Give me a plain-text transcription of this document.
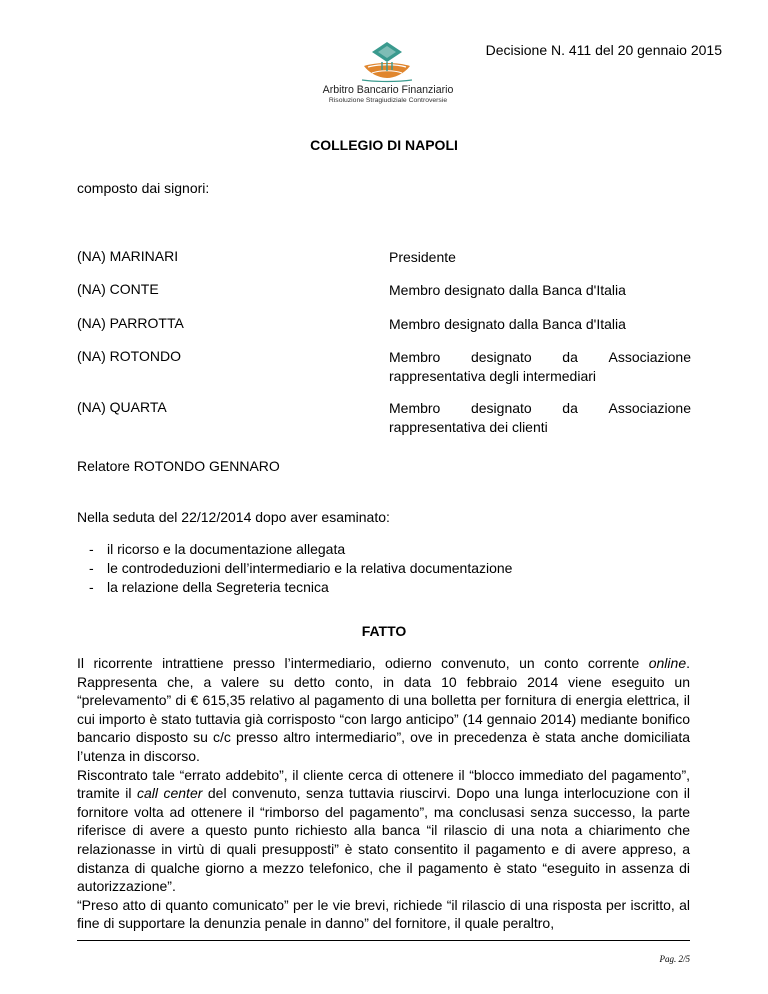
Arbitro Bancario Finanziario
Risoluzione Stragiudiziale Controversie
Decisione N. 411 del 20 gennaio 2015
COLLEGIO DI NAPOLI
composto dai signori:
(NA) MARINARI	Presidente
(NA) CONTE	Membro designato dalla Banca d'Italia
(NA) PARROTTA	Membro designato dalla Banca d'Italia
(NA) ROTONDO	Membro designato da Associazione
rappresentativa degli intermediari
(NA) QUARTA	Membro designato da Associazione
rappresentativa dei clienti
Relatore ROTONDO GENNARO
Nella seduta del 22/12/2014 dopo aver esaminato:
- il ricorso e la documentazione allegata
- le controdeduzioni dell’intermediario e la relativa documentazione
- la relazione della Segreteria tecnica
FATTO

Il ricorrente intrattiene presso l’intermediario, odierno convenuto, un conto corrente online. Rappresenta che, a valere su detto conto, in data 10 febbraio 2014 viene eseguito un “prelevamento” di € 615,35 relativo al pagamento di una bolletta per fornitura di energia elettrica, il cui importo è stato tuttavia già corrisposto “con largo anticipo” (14 gennaio 2014) mediante bonifico bancario disposto su c/c presso altro intermediario”, ove in precedenza è stata anche domiciliata l’utenza in discorso.

Riscontrato tale “errato addebito”, il cliente cerca di ottenere il “blocco immediato del pagamento”, tramite il call center del convenuto, senza tuttavia riuscirvi. Dopo una lunga interlocuzione con il fornitore volta ad ottenere il “rimborso del pagamento”, ma conclusasi senza successo, la parte riferisce di avere a questo punto richiesto alla banca “il rilascio di una nota a chiarimento che relazionasse in virtù di quali presupposti” è stato consentito il pagamento e di avere appreso, a distanza di qualche giorno a mezzo telefonico, che il pagamento è stato “eseguito in assenza di autorizzazione”.

“Preso atto di quanto comunicato” per le vie brevi, richiede “il rilascio di una risposta per iscritto, al fine di supportare la denunzia penale in danno” del fornitore, il quale peraltro,

Pag. 2/5
